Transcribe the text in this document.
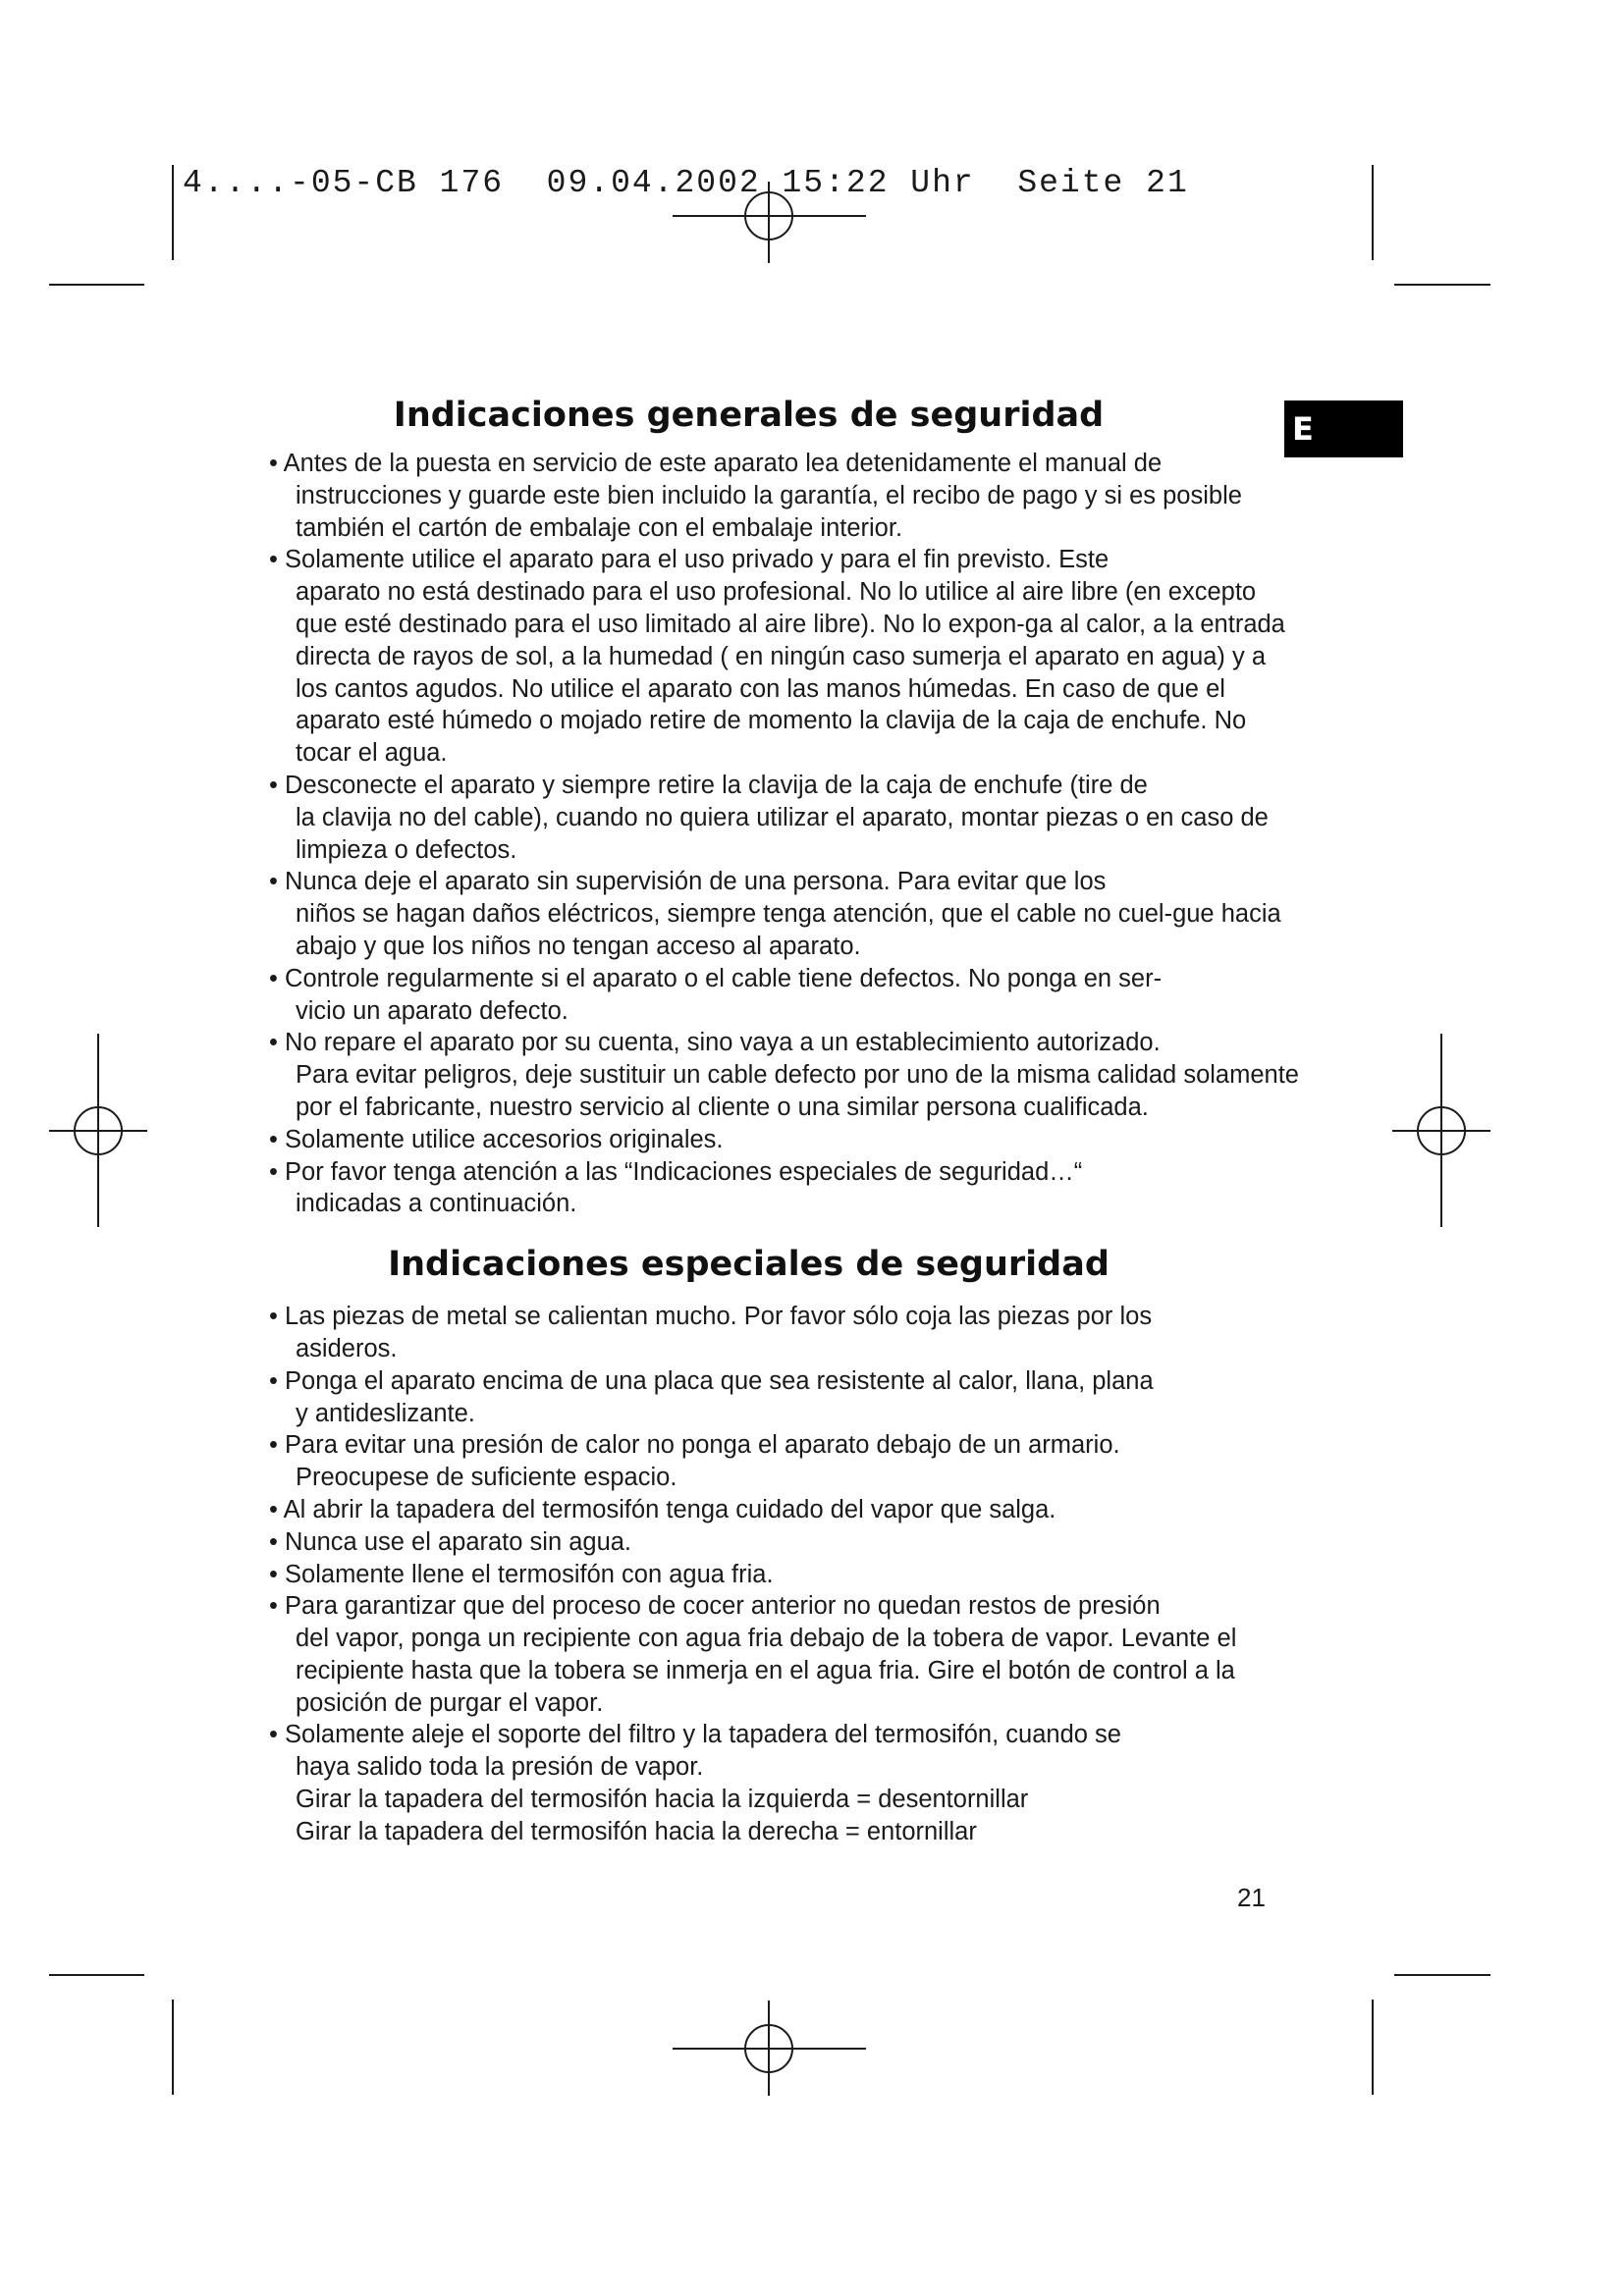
4....-05-CB 176  09.04.2002 15:22 Uhr  Seite 21
E
Indicaciones generales de seguridad
• Antes de la puesta en servicio de este aparato lea detenidamente el manual de
instrucciones y guarde este bien incluido la garantía, el recibo de pago y si es posible también el cartón de embalaje con el embalaje interior.
• Solamente utilice el aparato para el uso privado y para el fin previsto. Este
aparato no está destinado para el uso profesional. No lo utilice al aire libre (en excepto que esté destinado para el uso limitado al aire libre). No lo expon-ga al calor, a la entrada directa de rayos de sol, a la humedad ( en ningún caso sumerja el aparato en agua) y a los cantos agudos. No utilice el aparato con las manos húmedas. En caso de que el aparato esté húmedo o mojado retire de momento la clavija de la caja de enchufe. No tocar el agua.
• Desconecte el aparato y siempre retire la clavija de la caja de enchufe (tire de
la clavija no del cable), cuando no quiera utilizar el aparato, montar piezas o en caso de limpieza o defectos.
• Nunca deje el aparato sin supervisión de una persona. Para evitar que los
niños se hagan daños eléctricos, siempre tenga atención, que el cable no cuel-gue hacia abajo y que los niños no tengan acceso al aparato.
• Controle regularmente si el aparato o el cable tiene defectos. No ponga en ser-
vicio un aparato defecto.
• No repare el aparato por su cuenta, sino vaya a un establecimiento autorizado.
Para evitar peligros, deje sustituir un cable defecto por uno de la misma calidad solamente por el fabricante, nuestro servicio al cliente o una similar persona cualificada.
• Solamente utilice accesorios originales.
• Por favor tenga atención a las “Indicaciones especiales de seguridad…“
indicadas a continuación.
Indicaciones especiales de seguridad
• Las piezas de metal se calientan mucho. Por favor sólo coja las piezas por los
asideros.
• Ponga el aparato encima de una placa que sea resistente al calor, llana, plana
y antideslizante.
• Para evitar una presión de calor no ponga el aparato debajo de un armario.
Preocupese de suficiente espacio.
• Al abrir la tapadera del termosifón tenga cuidado del vapor que salga.
• Nunca use el aparato sin agua.
• Solamente llene el termosifón con agua fria.
• Para garantizar que del proceso de cocer anterior no quedan restos de presión
del vapor, ponga un recipiente con agua fria debajo de la tobera de vapor. Levante el recipiente hasta que la tobera se inmerja en el agua fria. Gire el botón de control a la posición de purgar el vapor.
• Solamente aleje el soporte del filtro y la tapadera del termosifón, cuando se
haya salido toda la presión de vapor.
Girar la tapadera del termosifón hacia la izquierda = desentornillar
Girar la tapadera del termosifón hacia la derecha = entornillar
21
